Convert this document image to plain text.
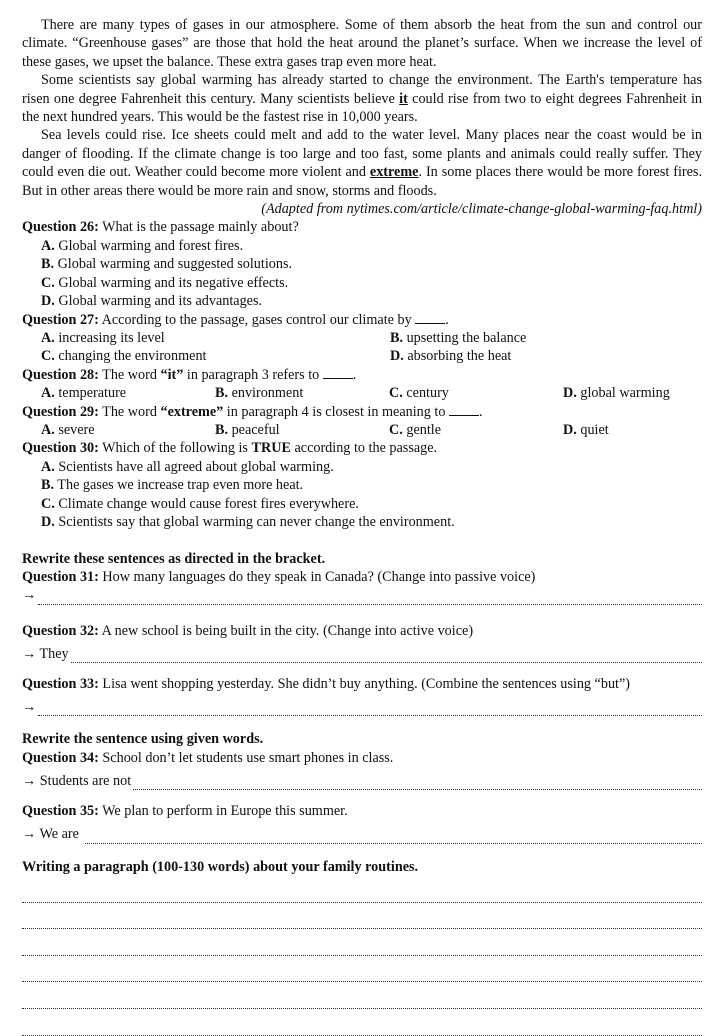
There are many types of gases in our atmosphere. Some of them absorb the heat from the sun and control our climate. “Greenhouse gases” are those that hold the heat around the planet’s surface. When we increase the level of these gases, we upset the balance. These extra gases trap even more heat.

Some scientists say global warming has already started to change the environment. The Earth's temperature has risen one degree Fahrenheit this century. Many scientists believe it could rise from two to eight degrees Fahrenheit in the next hundred years. This would be the fastest rise in 10,000 years.

Sea levels could rise. Ice sheets could melt and add to the water level. Many places near the coast would be in danger of flooding. If the climate change is too large and too fast, some plants and animals could really suffer. They could even die out. Weather could become more violent and extreme. In some places there would be more forest fires. But in other areas there would be more rain and snow, storms and floods.

(Adapted from nytimes.com/article/climate-change-global-warming-faq.html)

Question 26: What is the passage mainly about?

A. Global warming and forest fires.

B. Global warming and suggested solutions.

C. Global warming and its negative effects.

D. Global warming and its advantages.

Question 27: According to the passage, gases control our climate by .

A. increasing its level	B. upsetting the balance
C. changing the environment	D. absorbing the heat

Question 28: The word “it” in paragraph 3 refers to .

A. temperature	B. environment	C. century	D. global warming

Question 29: The word “extreme” in paragraph 4 is closest in meaning to .

A. severe	B. peaceful	C. gentle	D. quiet

Question 30: Which of the following is TRUE according to the passage.

A. Scientists have all agreed about global warming.

B. The gases we increase trap even more heat.

C. Climate change would cause forest fires everywhere.

D. Scientists say that global warming can never change the environment.

Rewrite these sentences as directed in the bracket.

Question 31: How many languages do they speak in Canada? (Change into passive voice)

→

Question 32: A new school is being built in the city. (Change into active voice)

→ They

Question 33: Lisa went shopping yesterday. She didn’t buy anything. (Combine the sentences using “but”)

→

Rewrite the sentence using given words.

Question 34: School don’t let students use smart phones in class.

→ Students are not

Question 35: We plan to perform in Europe this summer.

→ We are

Writing a paragraph (100-130 words) about your family routines.
